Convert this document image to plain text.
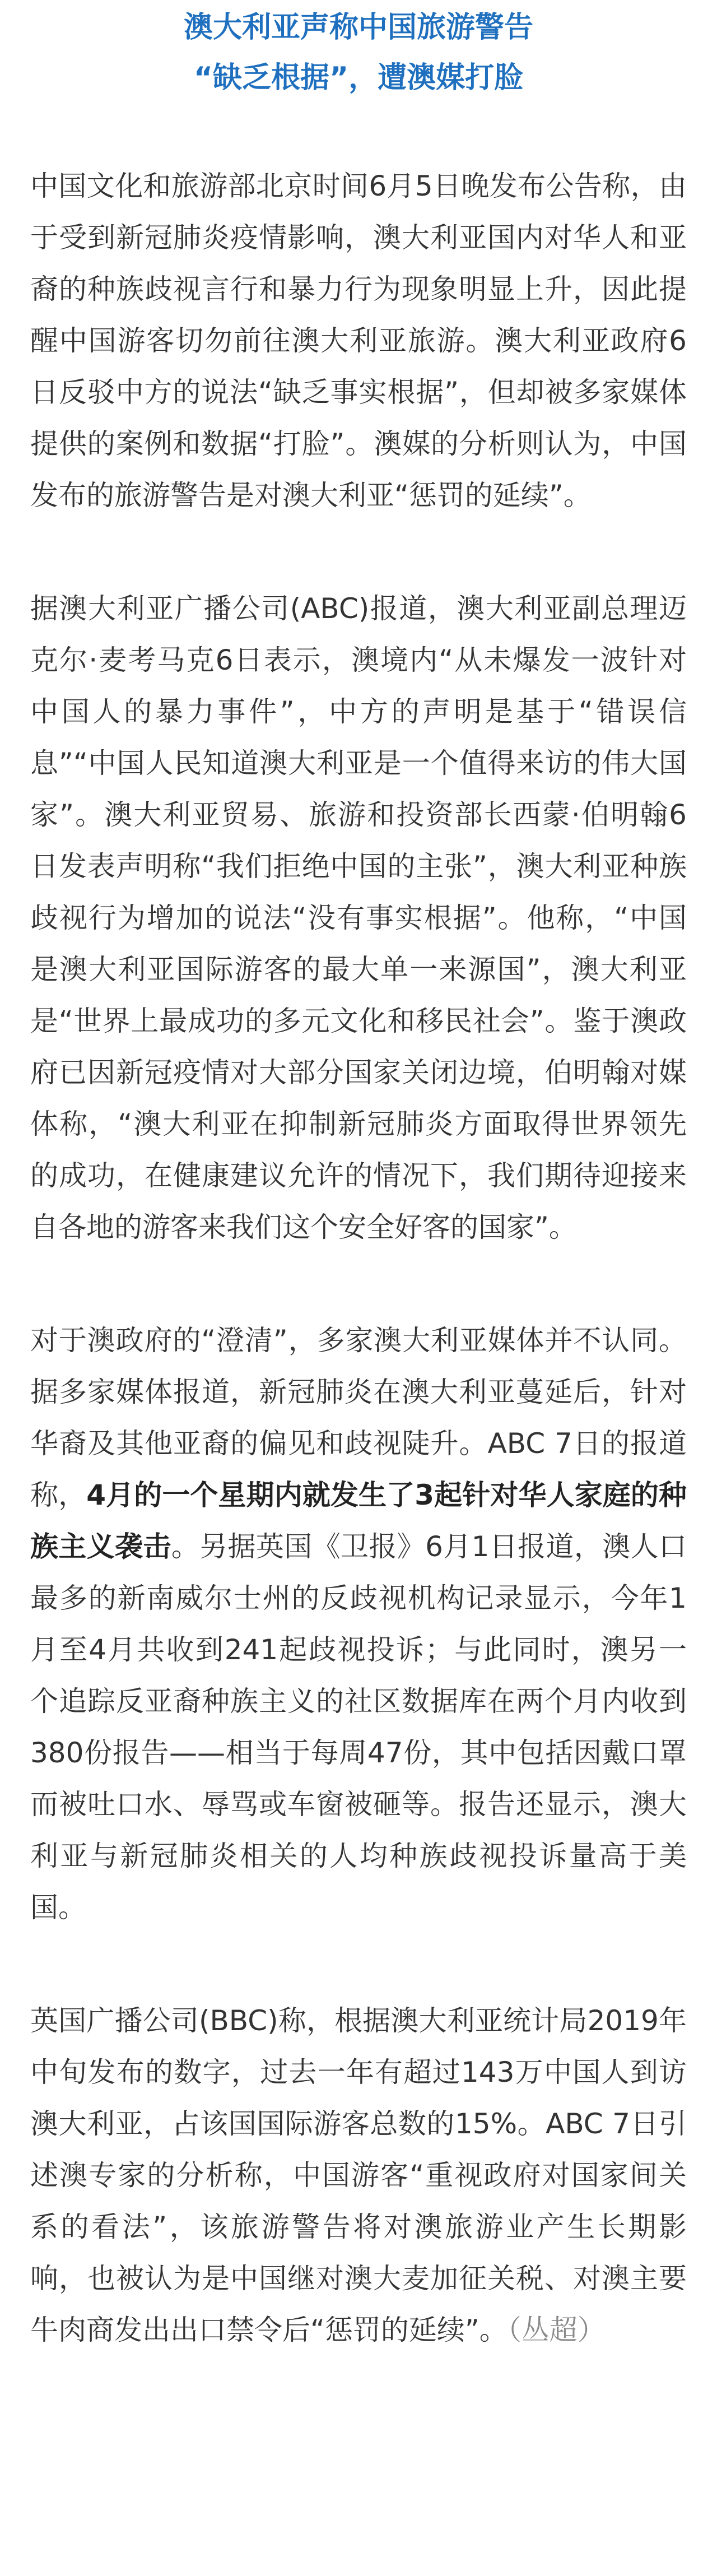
澳大利亚声称中国旅游警告
“缺乏根据”，遭澳媒打脸

中国文化和旅游部北京时间6月5日晚发布公告称，由于受到新冠肺炎疫情影响，澳大利亚国内对华人和亚裔的种族歧视言行和暴力行为现象明显上升，因此提醒中国游客切勿前往澳大利亚旅游。澳大利亚政府6日反驳中方的说法“缺乏事实根据”，但却被多家媒体提供的案例和数据“打脸”。澳媒的分析则认为，中国发布的旅游警告是对澳大利亚“惩罚的延续”。

据澳大利亚广播公司(ABC)报道，澳大利亚副总理迈克尔·麦考马克6日表示，澳境内“从未爆发一波针对中国人的暴力事件”，中方的声明是基于“错误信息”“中国人民知道澳大利亚是一个值得来访的伟大国家”。澳大利亚贸易、旅游和投资部长西蒙·伯明翰6日发表声明称“我们拒绝中国的主张”，澳大利亚种族歧视行为增加的说法“没有事实根据”。他称，“中国是澳大利亚国际游客的最大单一来源国”，澳大利亚是“世界上最成功的多元文化和移民社会”。鉴于澳政府已因新冠疫情对大部分国家关闭边境，伯明翰对媒体称，“澳大利亚在抑制新冠肺炎方面取得世界领先的成功，在健康建议允许的情况下，我们期待迎接来自各地的游客来我们这个安全好客的国家”。

对于澳政府的“澄清”，多家澳大利亚媒体并不认同。据多家媒体报道，新冠肺炎在澳大利亚蔓延后，针对华裔及其他亚裔的偏见和歧视陡升。ABC 7日的报道称，4月的一个星期内就发生了3起针对华人家庭的种族主义袭击。另据英国《卫报》6月1日报道，澳人口最多的新南威尔士州的反歧视机构记录显示，今年1月至4月共收到241起歧视投诉；与此同时，澳另一个追踪反亚裔种族主义的社区数据库在两个月内收到380份报告——相当于每周47份，其中包括因戴口罩而被吐口水、辱骂或车窗被砸等。报告还显示，澳大利亚与新冠肺炎相关的人均种族歧视投诉量高于美国。

英国广播公司(BBC)称，根据澳大利亚统计局2019年中旬发布的数字，过去一年有超过143万中国人到访澳大利亚，占该国国际游客总数的15%。ABC 7日引述澳专家的分析称，中国游客“重视政府对国家间关系的看法”，该旅游警告将对澳旅游业产生长期影响，也被认为是中国继对澳大麦加征关税、对澳主要牛肉商发出出口禁令后“惩罚的延续”。（丛超）
